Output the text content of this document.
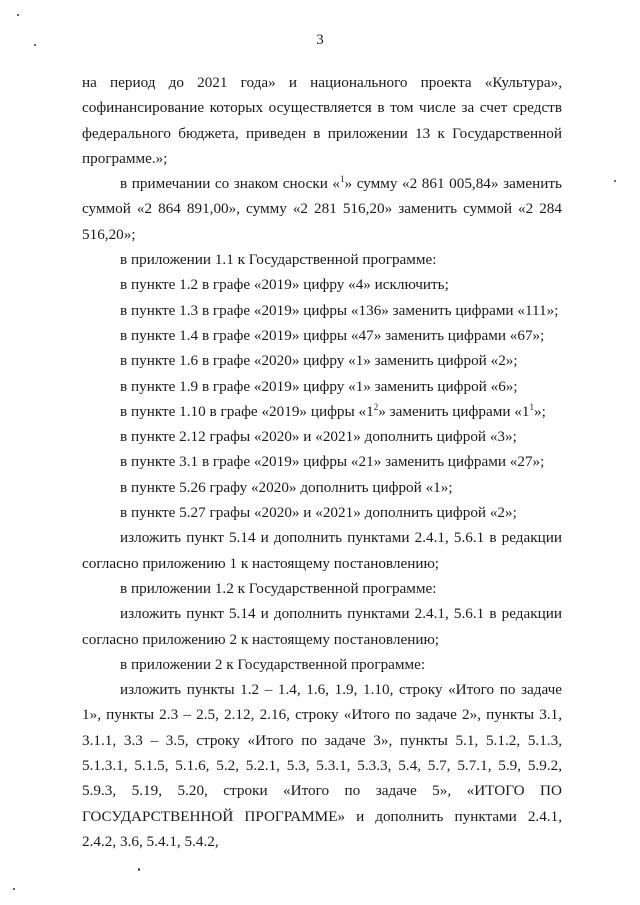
3

на период до 2021 года» и национального проекта «Культура», софинансирование которых осуществляется в том числе за счет средств федерального бюджета, приведен в приложении 13 к Государственной программе.»;

в примечании со знаком сноски «$^1$» сумму «2 861 005,84» заменить суммой «2 864 891,00», сумму «2 281 516,20» заменить суммой «2 284 516,20»;

в приложении 1.1 к Государственной программе:

в пункте 1.2 в графе «2019» цифру «4» исключить;

в пункте 1.3 в графе «2019» цифры «136» заменить цифрами «111»;

в пункте 1.4 в графе «2019» цифры «47» заменить цифрами «67»;

в пункте 1.6 в графе «2020» цифру «1» заменить цифрой «2»;

в пункте 1.9 в графе «2019» цифру «1» заменить цифрой «6»;

в пункте 1.10 в графе «2019» цифры «$1^2$» заменить цифрами «$1^1$»;

в пункте 2.12 графы «2020» и «2021» дополнить цифрой «3»;

в пункте 3.1 в графе «2019» цифры «21» заменить цифрами «27»;

в пункте 5.26 графу «2020» дополнить цифрой «1»;

в пункте 5.27 графы «2020» и «2021» дополнить цифрой «2»;

изложить пункт 5.14 и дополнить пунктами 2.4.1, 5.6.1 в редакции согласно приложению 1 к настоящему постановлению;

в приложении 1.2 к Государственной программе:

изложить пункт 5.14 и дополнить пунктами 2.4.1, 5.6.1 в редакции согласно приложению 2 к настоящему постановлению;

в приложении 2 к Государственной программе:

изложить пункты 1.2 – 1.4, 1.6, 1.9, 1.10, строку «Итого по задаче 1», пункты 2.3 – 2.5, 2.12, 2.16, строку «Итого по задаче 2», пункты 3.1, 3.1.1, 3.3 – 3.5, строку «Итого по задаче 3», пункты 5.1, 5.1.2, 5.1.3, 5.1.3.1, 5.1.5, 5.1.6, 5.2, 5.2.1, 5.3, 5.3.1, 5.3.3, 5.4, 5.7, 5.7.1, 5.9, 5.9.2, 5.9.3, 5.19, 5.20, строки «Итого по задаче 5», «ИТОГО ПО ГОСУДАРСТВЕННОЙ ПРОГРАММЕ» и дополнить пунктами 2.4.1, 2.4.2, 3.6, 5.4.1, 5.4.2,
